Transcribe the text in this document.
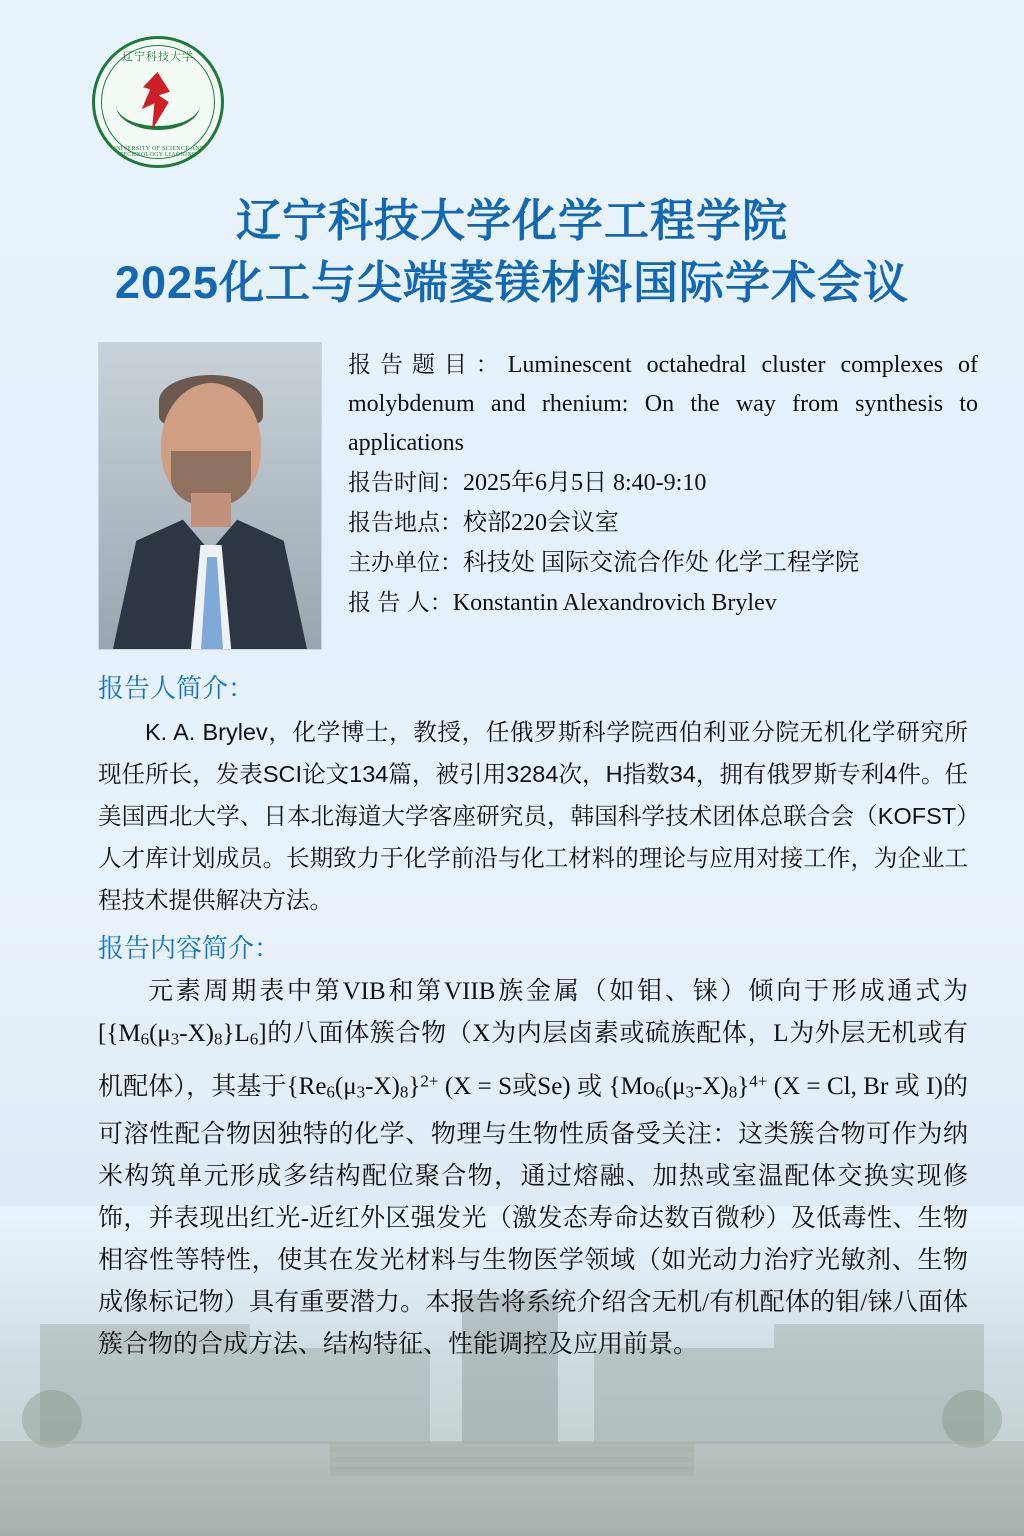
辽宁科技大学
UNIVERSITY OF SCIENCE AND TECHNOLOGY LIAONING
辽宁科技大学化学工程学院
2025化工与尖端菱镁材料国际学术会议
报告题目：Luminescent octahedral cluster complexes of molybdenum and rhenium: On the way from synthesis to applications
报告时间：2025年6月5日 8:40-9:10
报告地点：校部220会议室
主办单位：科技处 国际交流合作处 化学工程学院
报 告 人：Konstantin Alexandrovich Brylev
报告人简介：
K. A. Brylev，化学博士，教授，任俄罗斯科学院西伯利亚分院无机化学研究所现任所长，发表SCI论文134篇，被引用3284次，H指数34，拥有俄罗斯专利4件。任美国西北大学、日本北海道大学客座研究员，韩国科学技术团体总联合会（KOFST）人才库计划成员。长期致力于化学前沿与化工材料的理论与应用对接工作，为企业工程技术提供解决方法。
报告内容简介：
元素周期表中第VIB和第VIIB族金属（如钼、铼）倾向于形成通式为$[\{M_6(\mu_3-X)_8\}L_6]$的八面体簇合物（X为内层卤素或硫族配体，L为外层无机或有机配体），其基于$\{Re_6(\mu_3-X)_8\}^{2+}$ (X = S或Se) 或 $\{Mo_6(\mu_3-X)_8\}^{4+}$ (X = Cl, Br 或 I)的可溶性配合物因独特的化学、物理与生物性质备受关注：这类簇合物可作为纳米构筑单元形成多结构配位聚合物，通过熔融、加热或室温配体交换实现修饰，并表现出红光-近红外区强发光（激发态寿命达数百微秒）及低毒性、生物相容性等特性，使其在发光材料与生物医学领域（如光动力治疗光敏剂、生物成像标记物）具有重要潜力。本报告将系统介绍含无机/有机配体的钼/铼八面体簇合物的合成方法、结构特征、性能调控及应用前景。
